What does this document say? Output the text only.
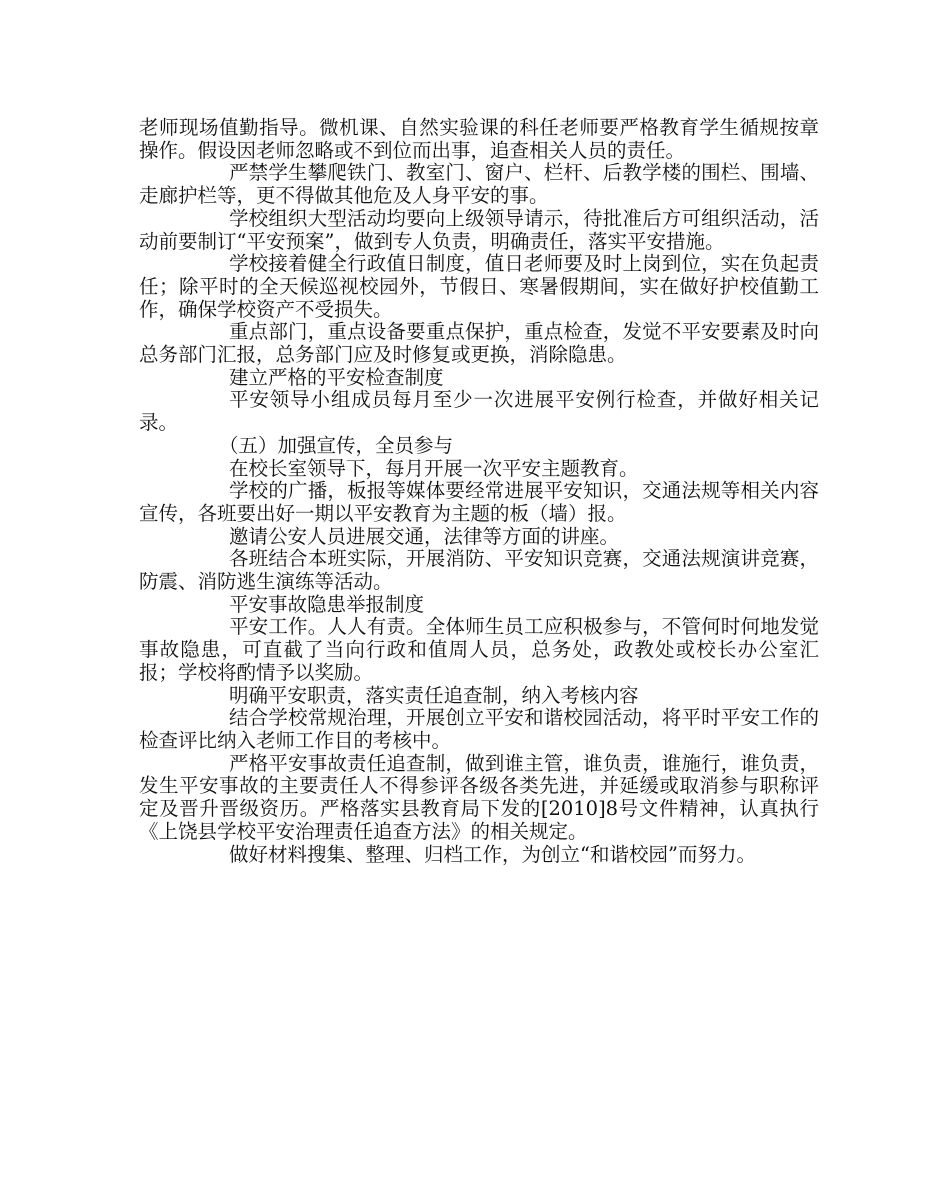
老师现场值勤指导。微机课、自然实验课的科任老师要严格教育学生循规按章操作。假设因老师忽略或不到位而出事，追查相关人员的责任。

严禁学生攀爬铁门、教室门、窗户、栏杆、后教学楼的围栏、围墙、走廊护栏等，更不得做其他危及人身平安的事。

学校组织大型活动均要向上级领导请示，待批准后方可组织活动，活动前要制订“平安预案”，做到专人负责，明确责任，落实平安措施。

学校接着健全行政值日制度，值日老师要及时上岗到位，实在负起责任；除平时的全天候巡视校园外，节假日、寒暑假期间，实在做好护校值勤工作，确保学校资产不受损失。

重点部门，重点设备要重点保护，重点检查，发觉不平安要素及时向总务部门汇报，总务部门应及时修复或更换，消除隐患。

建立严格的平安检查制度

平安领导小组成员每月至少一次进展平安例行检查，并做好相关记录。

（五）加强宣传，全员参与

在校长室领导下，每月开展一次平安主题教育。

学校的广播，板报等媒体要经常进展平安知识，交通法规等相关内容宣传，各班要出好一期以平安教育为主题的板（墙）报。

邀请公安人员进展交通，法律等方面的讲座。

各班结合本班实际，开展消防、平安知识竞赛，交通法规演讲竞赛，防震、消防逃生演练等活动。

平安事故隐患举报制度

平安工作。人人有责。全体师生员工应积极参与，不管何时何地发觉事故隐患，可直截了当向行政和值周人员，总务处，政教处或校长办公室汇报；学校将酌情予以奖励。

明确平安职责，落实责任追查制，纳入考核内容

结合学校常规治理，开展创立平安和谐校园活动，将平时平安工作的检查评比纳入老师工作目的考核中。

严格平安事故责任追查制，做到谁主管，谁负责，谁施行，谁负责，发生平安事故的主要责任人不得参评各级各类先进，并延缓或取消参与职称评定及晋升晋级资历。严格落实县教育局下发的[2010]8号文件精神，认真执行《上饶县学校平安治理责任追查方法》的相关规定。

做好材料搜集、整理、归档工作，为创立“和谐校园”而努力。
